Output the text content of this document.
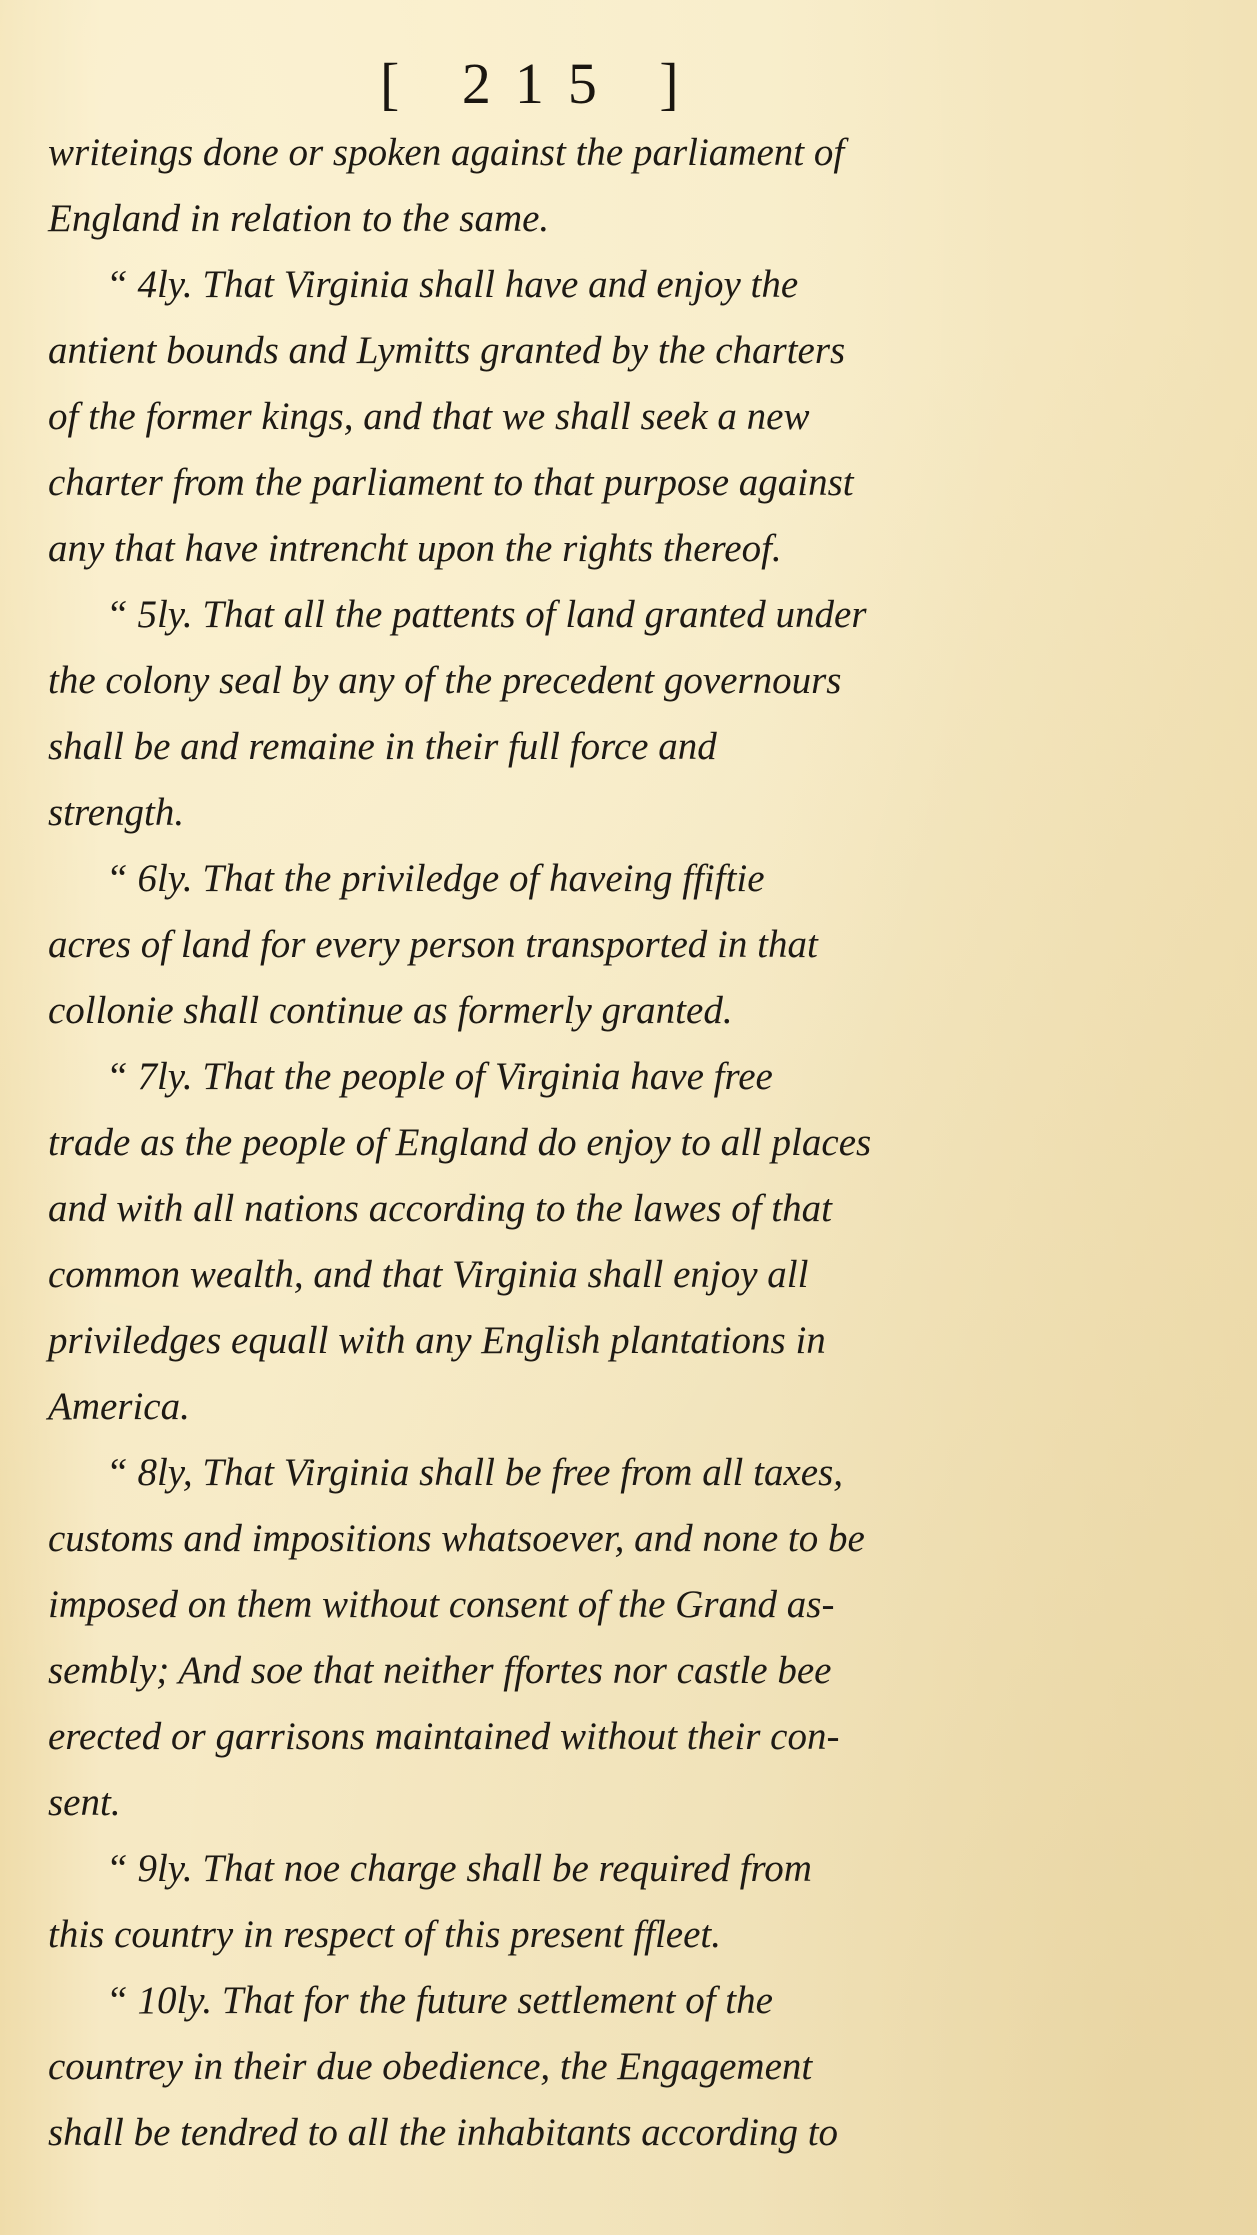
[ 215 ]
writeings done or spoken against the parliament of
England in relation to the same.
“ 4ly. That Virginia shall have and enjoy the
antient bounds and Lymitts granted by the charters
of the former kings, and that we shall seek a new
charter from the parliament to that purpose against
any that have intrencht upon the rights thereof.
“ 5ly. That all the pattents of land granted under
the colony seal by any of the precedent governours
shall be and remaine in their full force and
strength.
“ 6ly. That the priviledge of haveing ffiftie
acres of land for every person transported in that
collonie shall continue as formerly granted.
“ 7ly. That the people of Virginia have free
trade as the people of England do enjoy to all places
and with all nations according to the lawes of that
common wealth, and that Virginia shall enjoy all
priviledges equall with any English plantations in
America.
“ 8ly, That Virginia shall be free from all taxes,
customs and impositions whatsoever, and none to be
imposed on them without consent of the Grand as-
sembly; And soe that neither ffortes nor castle bee
erected or garrisons maintained without their con-
sent.
“ 9ly. That noe charge shall be required from
this country in respect of this present ffleet.
“ 10ly. That for the future settlement of the
countrey in their due obedience, the Engagement
shall be tendred to all the inhabitants according to
